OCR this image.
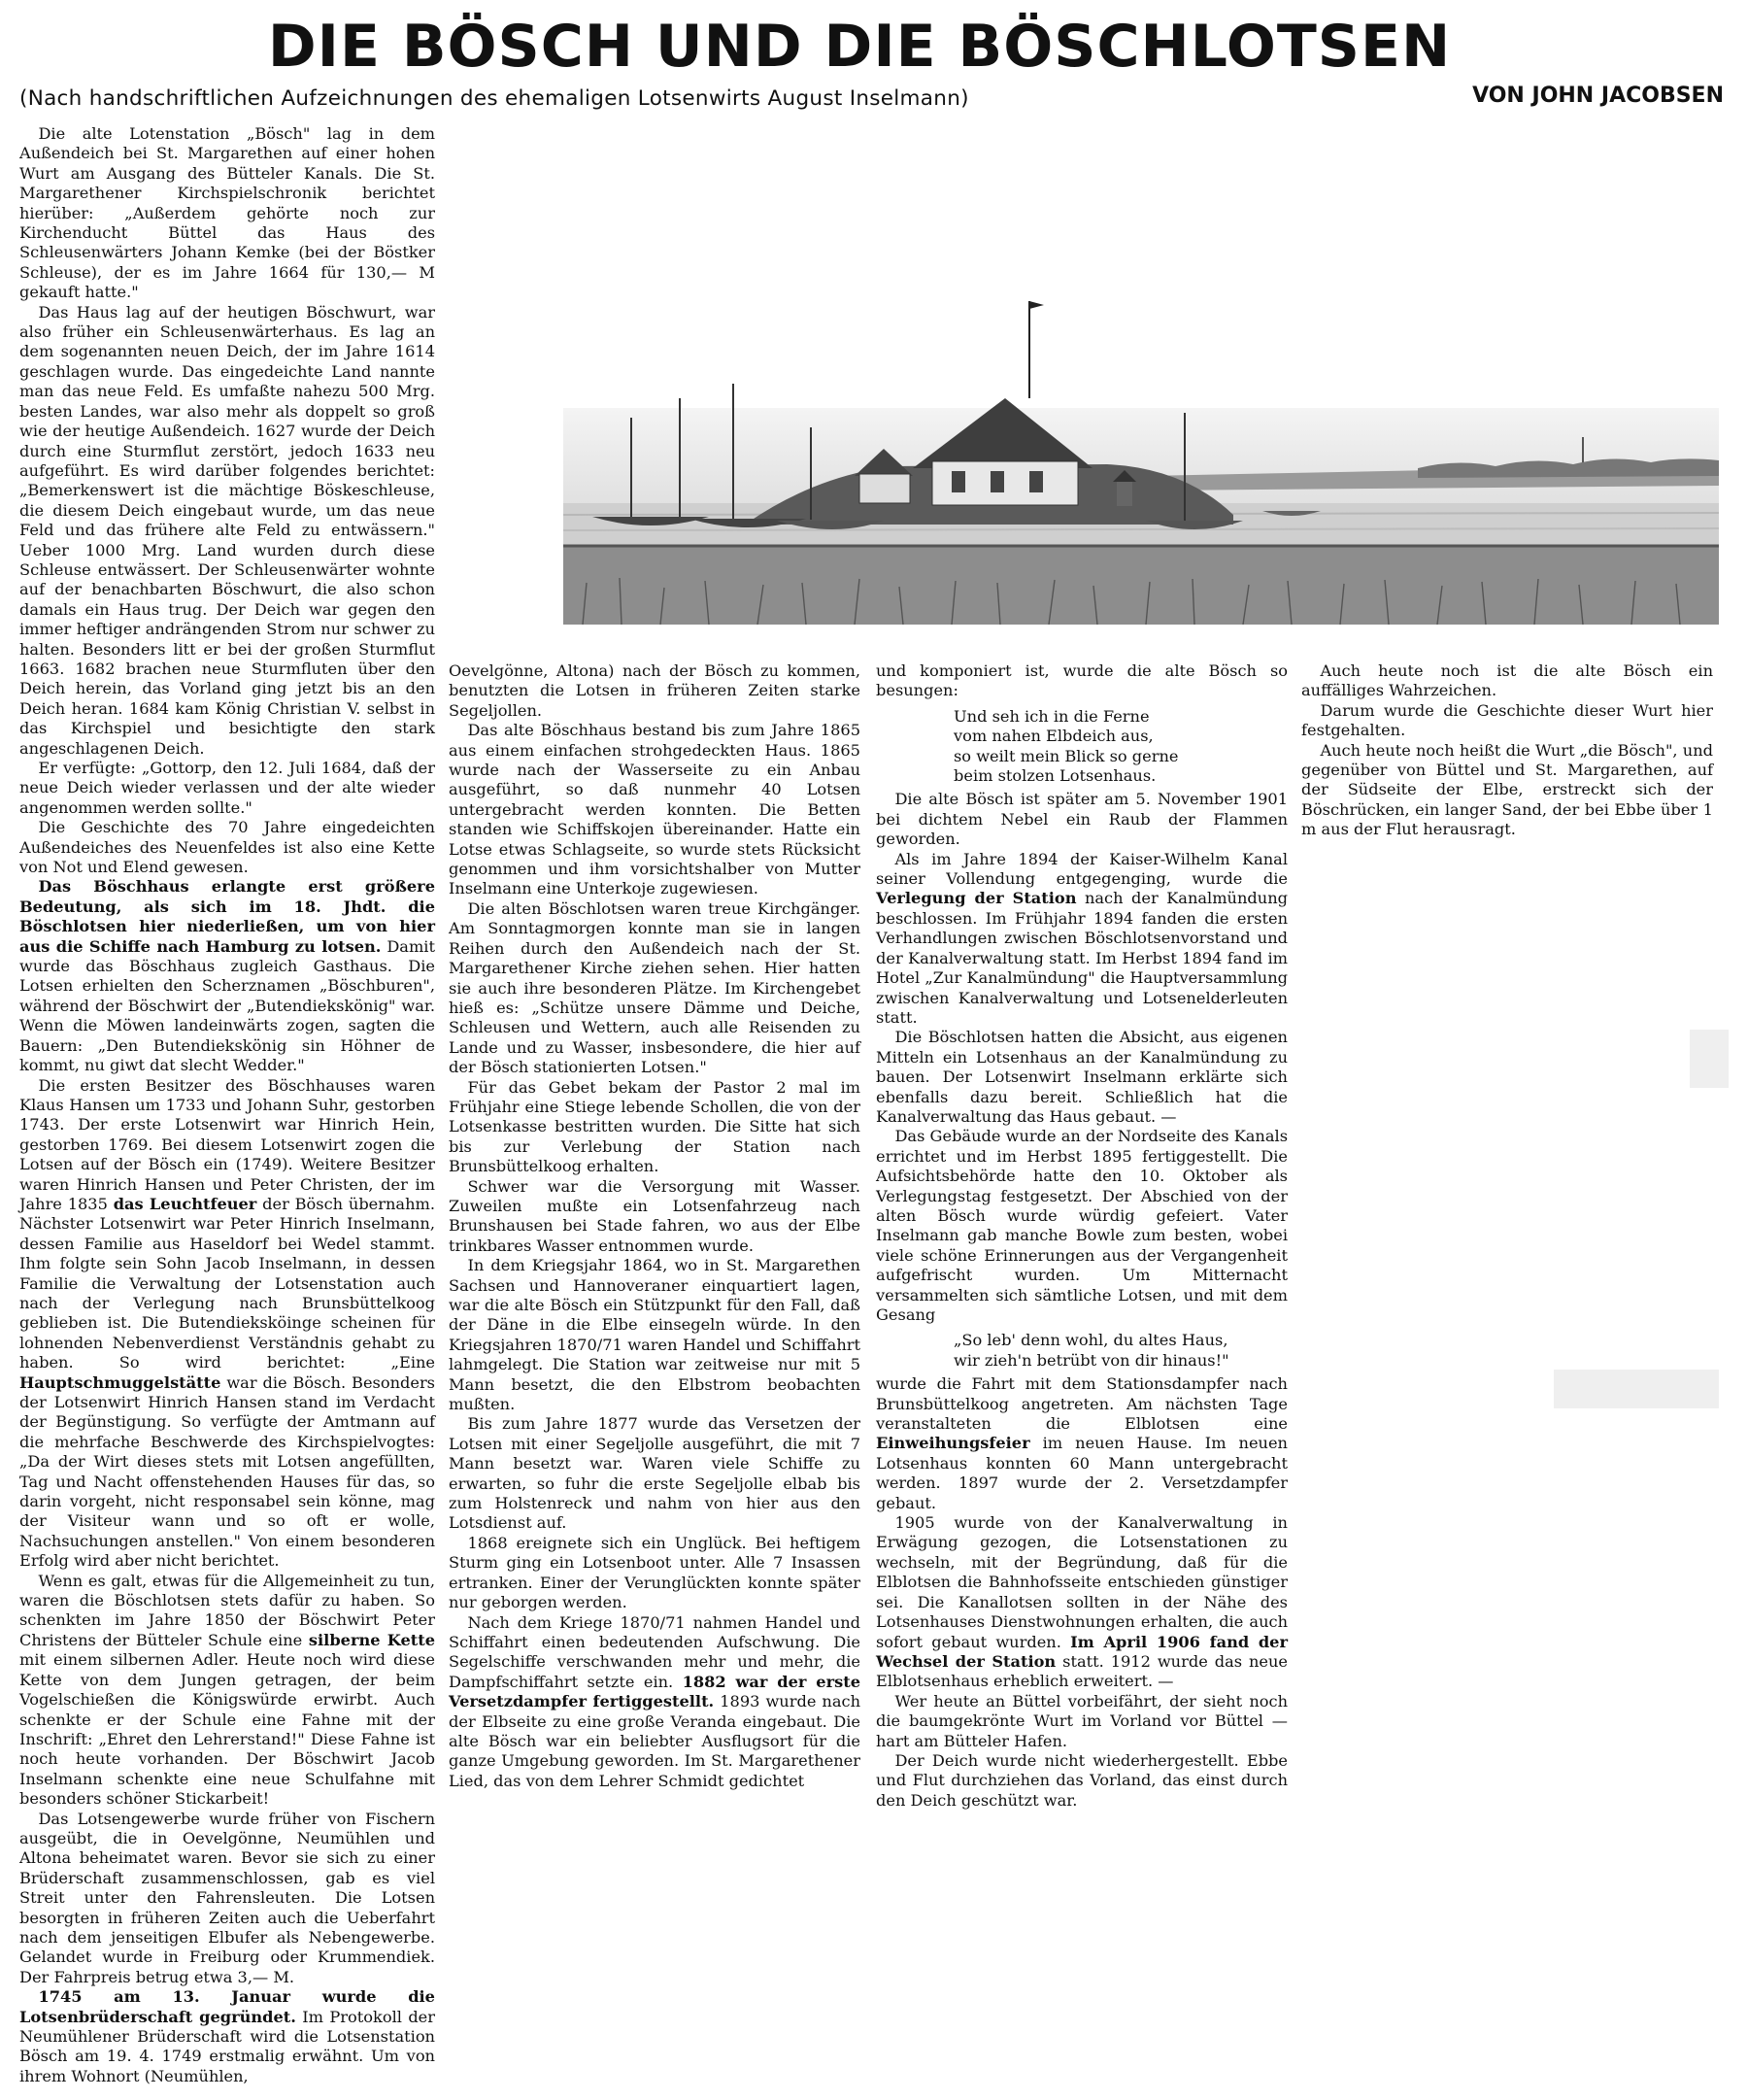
DIE BÖSCH UND DIE BÖSCHLOTSEN
(Nach handschriftlichen Aufzeichnungen des ehemaligen Lotsenwirts August Inselmann)	VON JOHN JACOBSEN

Die alte Lotenstation „Bösch" lag in dem Außendeich bei St. Margarethen auf einer hohen Wurt am Ausgang des Bütteler Kanals. Die St. Margarethener Kirchspielschronik berichtet hierüber: „Außerdem gehörte noch zur Kirchenducht Büttel das Haus des Schleusenwärters Johann Kemke (bei der Böstker Schleuse), der es im Jahre 1664 für 130,— M gekauft hatte."

Das Haus lag auf der heutigen Böschwurt, war also früher ein Schleusenwärterhaus. Es lag an dem sogenannten neuen Deich, der im Jahre 1614 geschlagen wurde. Das eingedeichte Land nannte man das neue Feld. Es umfaßte nahezu 500 Mrg. besten Landes, war also mehr als doppelt so groß wie der heutige Außendeich. 1627 wurde der Deich durch eine Sturmflut zerstört, jedoch 1633 neu aufgeführt. Es wird darüber folgendes berichtet: „Bemerkenswert ist die mächtige Böskeschleuse, die diesem Deich eingebaut wurde, um das neue Feld und das frühere alte Feld zu entwässern." Ueber 1000 Mrg. Land wurden durch diese Schleuse entwässert. Der Schleusenwärter wohnte auf der benachbarten Böschwurt, die also schon damals ein Haus trug. Der Deich war gegen den immer heftiger andrängenden Strom nur schwer zu halten. Besonders litt er bei der großen Sturmflut 1663. 1682 brachen neue Sturmfluten über den Deich herein, das Vorland ging jetzt bis an den Deich heran. 1684 kam König Christian V. selbst in das Kirchspiel und besichtigte den stark angeschlagenen Deich.

Er verfügte: „Gottorp, den 12. Juli 1684, daß der neue Deich wieder verlassen und der alte wieder angenommen werden sollte."

Die Geschichte des 70 Jahre eingedeichten Außendeiches des Neuenfeldes ist also eine Kette von Not und Elend gewesen.

Das Böschhaus erlangte erst größere Bedeutung, als sich im 18. Jhdt. die Böschlotsen hier niederließen, um von hier aus die Schiffe nach Hamburg zu lotsen. Damit wurde das Böschhaus zugleich Gasthaus. Die Lotsen erhielten den Scherznamen „Böschburen", während der Böschwirt der „Butendiekskönig" war. Wenn die Möwen landeinwärts zogen, sagten die Bauern: „Den Butendiekskönig sin Höhner de kommt, nu giwt dat slecht Wedder."

Die ersten Besitzer des Böschhauses waren Klaus Hansen um 1733 und Johann Suhr, gestorben 1743. Der erste Lotsenwirt war Hinrich Hein, gestorben 1769. Bei diesem Lotsenwirt zogen die Lotsen auf der Bösch ein (1749). Weitere Besitzer waren Hinrich Hansen und Peter Christen, der im Jahre 1835 das Leuchtfeuer der Bösch übernahm. Nächster Lotsenwirt war Peter Hinrich Inselmann, dessen Familie aus Haseldorf bei Wedel stammt. Ihm folgte sein Sohn Jacob Inselmann, in dessen Familie die Verwaltung der Lotsenstation auch nach der Verlegung nach Brunsbüttelkoog geblieben ist. Die Butendieksköinge scheinen für lohnenden Nebenverdienst Verständnis gehabt zu haben. So wird berichtet: „Eine Hauptschmuggelstätte war die Bösch. Besonders der Lotsenwirt Hinrich Hansen stand im Verdacht der Begünstigung. So verfügte der Amtmann auf die mehrfache Beschwerde des Kirchspielvogtes: „Da der Wirt dieses stets mit Lotsen angefüllten, Tag und Nacht offenstehenden Hauses für das, so darin vorgeht, nicht responsabel sein könne, mag der Visiteur wann und so oft er wolle, Nachsuchungen anstellen." Von einem besonderen Erfolg wird aber nicht berichtet.

Wenn es galt, etwas für die Allgemeinheit zu tun, waren die Böschlotsen stets dafür zu haben. So schenkten im Jahre 1850 der Böschwirt Peter Christens der Bütteler Schule eine silberne Kette mit einem silbernen Adler. Heute noch wird diese Kette von dem Jungen getragen, der beim Vogelschießen die Königswürde erwirbt. Auch schenkte er der Schule eine Fahne mit der Inschrift: „Ehret den Lehrerstand!" Diese Fahne ist noch heute vorhanden. Der Böschwirt Jacob Inselmann schenkte eine neue Schulfahne mit besonders schöner Stickarbeit!

Das Lotsengewerbe wurde früher von Fischern ausgeübt, die in Oevelgönne, Neumühlen und Altona beheimatet waren. Bevor sie sich zu einer Brüderschaft zusammenschlossen, gab es viel Streit unter den Fahrensleuten. Die Lotsen besorgten in früheren Zeiten auch die Ueberfahrt nach dem jenseitigen Elbufer als Nebengewerbe. Gelandet wurde in Freiburg oder Krummendiek. Der Fahrpreis betrug etwa 3,— M.

1745 am 13. Januar wurde die Lotsenbrüderschaft gegründet. Im Protokoll der Neumühlener Brüderschaft wird die Lotsenstation Bösch am 19. 4. 1749 erstmalig erwähnt. Um von ihrem Wohnort (Neumühlen,

Oevelgönne, Altona) nach der Bösch zu kommen, benutzten die Lotsen in früheren Zeiten starke Segeljollen.

Das alte Böschhaus bestand bis zum Jahre 1865 aus einem einfachen strohgedeckten Haus. 1865 wurde nach der Wasserseite zu ein Anbau ausgeführt, so daß nunmehr 40 Lotsen untergebracht werden konnten. Die Betten standen wie Schiffskojen übereinander. Hatte ein Lotse etwas Schlagseite, so wurde stets Rücksicht genommen und ihm vorsichtshalber von Mutter Inselmann eine Unterkoje zugewiesen.

Die alten Böschlotsen waren treue Kirchgänger. Am Sonntagmorgen konnte man sie in langen Reihen durch den Außendeich nach der St. Margarethener Kirche ziehen sehen. Hier hatten sie auch ihre besonderen Plätze. Im Kirchengebet hieß es: „Schütze unsere Dämme und Deiche, Schleusen und Wettern, auch alle Reisenden zu Lande und zu Wasser, insbesondere, die hier auf der Bösch stationierten Lotsen."

Für das Gebet bekam der Pastor 2 mal im Frühjahr eine Stiege lebende Schollen, die von der Lotsenkasse bestritten wurden. Die Sitte hat sich bis zur Verlebung der Station nach Brunsbüttelkoog erhalten.

Schwer war die Versorgung mit Wasser. Zuweilen mußte ein Lotsenfahrzeug nach Brunshausen bei Stade fahren, wo aus der Elbe trinkbares Wasser entnommen wurde.

In dem Kriegsjahr 1864, wo in St. Margarethen Sachsen und Hannoveraner einquartiert lagen, war die alte Bösch ein Stützpunkt für den Fall, daß der Däne in die Elbe einsegeln würde. In den Kriegsjahren 1870/71 waren Handel und Schiffahrt lahmgelegt. Die Station war zeitweise nur mit 5 Mann besetzt, die den Elbstrom beobachten mußten.

Bis zum Jahre 1877 wurde das Versetzen der Lotsen mit einer Segeljolle ausgeführt, die mit 7 Mann besetzt war. Waren viele Schiffe zu erwarten, so fuhr die erste Segeljolle elbab bis zum Holstenreck und nahm von hier aus den Lotsdienst auf.

1868 ereignete sich ein Unglück. Bei heftigem Sturm ging ein Lotsenboot unter. Alle 7 Insassen ertranken. Einer der Verunglückten konnte später nur geborgen werden.

Nach dem Kriege 1870/71 nahmen Handel und Schiffahrt einen bedeutenden Aufschwung. Die Segelschiffe verschwanden mehr und mehr, die Dampfschiffahrt setzte ein. 1882 war der erste Versetzdampfer fertiggestellt. 1893 wurde nach der Elbseite zu eine große Veranda eingebaut. Die alte Bösch war ein beliebter Ausflugsort für die ganze Umgebung geworden. Im St. Margarethener Lied, das von dem Lehrer Schmidt gedichtet

und komponiert ist, wurde die alte Bösch so besungen:

Und seh ich in die Ferne
vom nahen Elbdeich aus,
so weilt mein Blick so gerne
beim stolzen Lotsenhaus.

Die alte Bösch ist später am 5. November 1901 bei dichtem Nebel ein Raub der Flammen geworden.

Als im Jahre 1894 der Kaiser-Wilhelm Kanal seiner Vollendung entgegenging, wurde die Verlegung der Station nach der Kanalmündung beschlossen. Im Frühjahr 1894 fanden die ersten Verhandlungen zwischen Böschlotsenvorstand und der Kanalverwaltung statt. Im Herbst 1894 fand im Hotel „Zur Kanalmündung" die Hauptversammlung zwischen Kanalverwaltung und Lotsenelderleuten statt.

Die Böschlotsen hatten die Absicht, aus eigenen Mitteln ein Lotsenhaus an der Kanalmündung zu bauen. Der Lotsenwirt Inselmann erklärte sich ebenfalls dazu bereit. Schließlich hat die Kanalverwaltung das Haus gebaut. —

Das Gebäude wurde an der Nordseite des Kanals errichtet und im Herbst 1895 fertiggestellt. Die Aufsichtsbehörde hatte den 10. Oktober als Verlegungstag festgesetzt. Der Abschied von der alten Bösch wurde würdig gefeiert. Vater Inselmann gab manche Bowle zum besten, wobei viele schöne Erinnerungen aus der Vergangenheit aufgefrischt wurden. Um Mitternacht versammelten sich sämtliche Lotsen, und mit dem Gesang

„So leb' denn wohl, du altes Haus,
wir zieh'n betrübt von dir hinaus!"

wurde die Fahrt mit dem Stationsdampfer nach Brunsbüttelkoog angetreten. Am nächsten Tage veranstalteten die Elblotsen eine Einweihungsfeier im neuen Hause. Im neuen Lotsenhaus konnten 60 Mann untergebracht werden. 1897 wurde der 2. Versetzdampfer gebaut.

1905 wurde von der Kanalverwaltung in Erwägung gezogen, die Lotsenstationen zu wechseln, mit der Begründung, daß für die Elblotsen die Bahnhofsseite entschieden günstiger sei. Die Kanallotsen sollten in der Nähe des Lotsenhauses Dienstwohnungen erhalten, die auch sofort gebaut wurden. Im April 1906 fand der Wechsel der Station statt. 1912 wurde das neue Elblotsenhaus erheblich erweitert. —

Wer heute an Büttel vorbeifährt, der sieht noch die baumgekrönte Wurt im Vorland vor Büttel — hart am Bütteler Hafen.

Der Deich wurde nicht wiederhergestellt. Ebbe und Flut durchziehen das Vorland, das einst durch den Deich geschützt war.

Auch heute noch ist die alte Bösch ein auffälliges Wahrzeichen.

Darum wurde die Geschichte dieser Wurt hier festgehalten.

Auch heute noch heißt die Wurt „die Bösch", und gegenüber von Büttel und St. Margarethen, auf der Südseite der Elbe, erstreckt sich der Böschrücken, ein langer Sand, der bei Ebbe über 1 m aus der Flut herausragt.
